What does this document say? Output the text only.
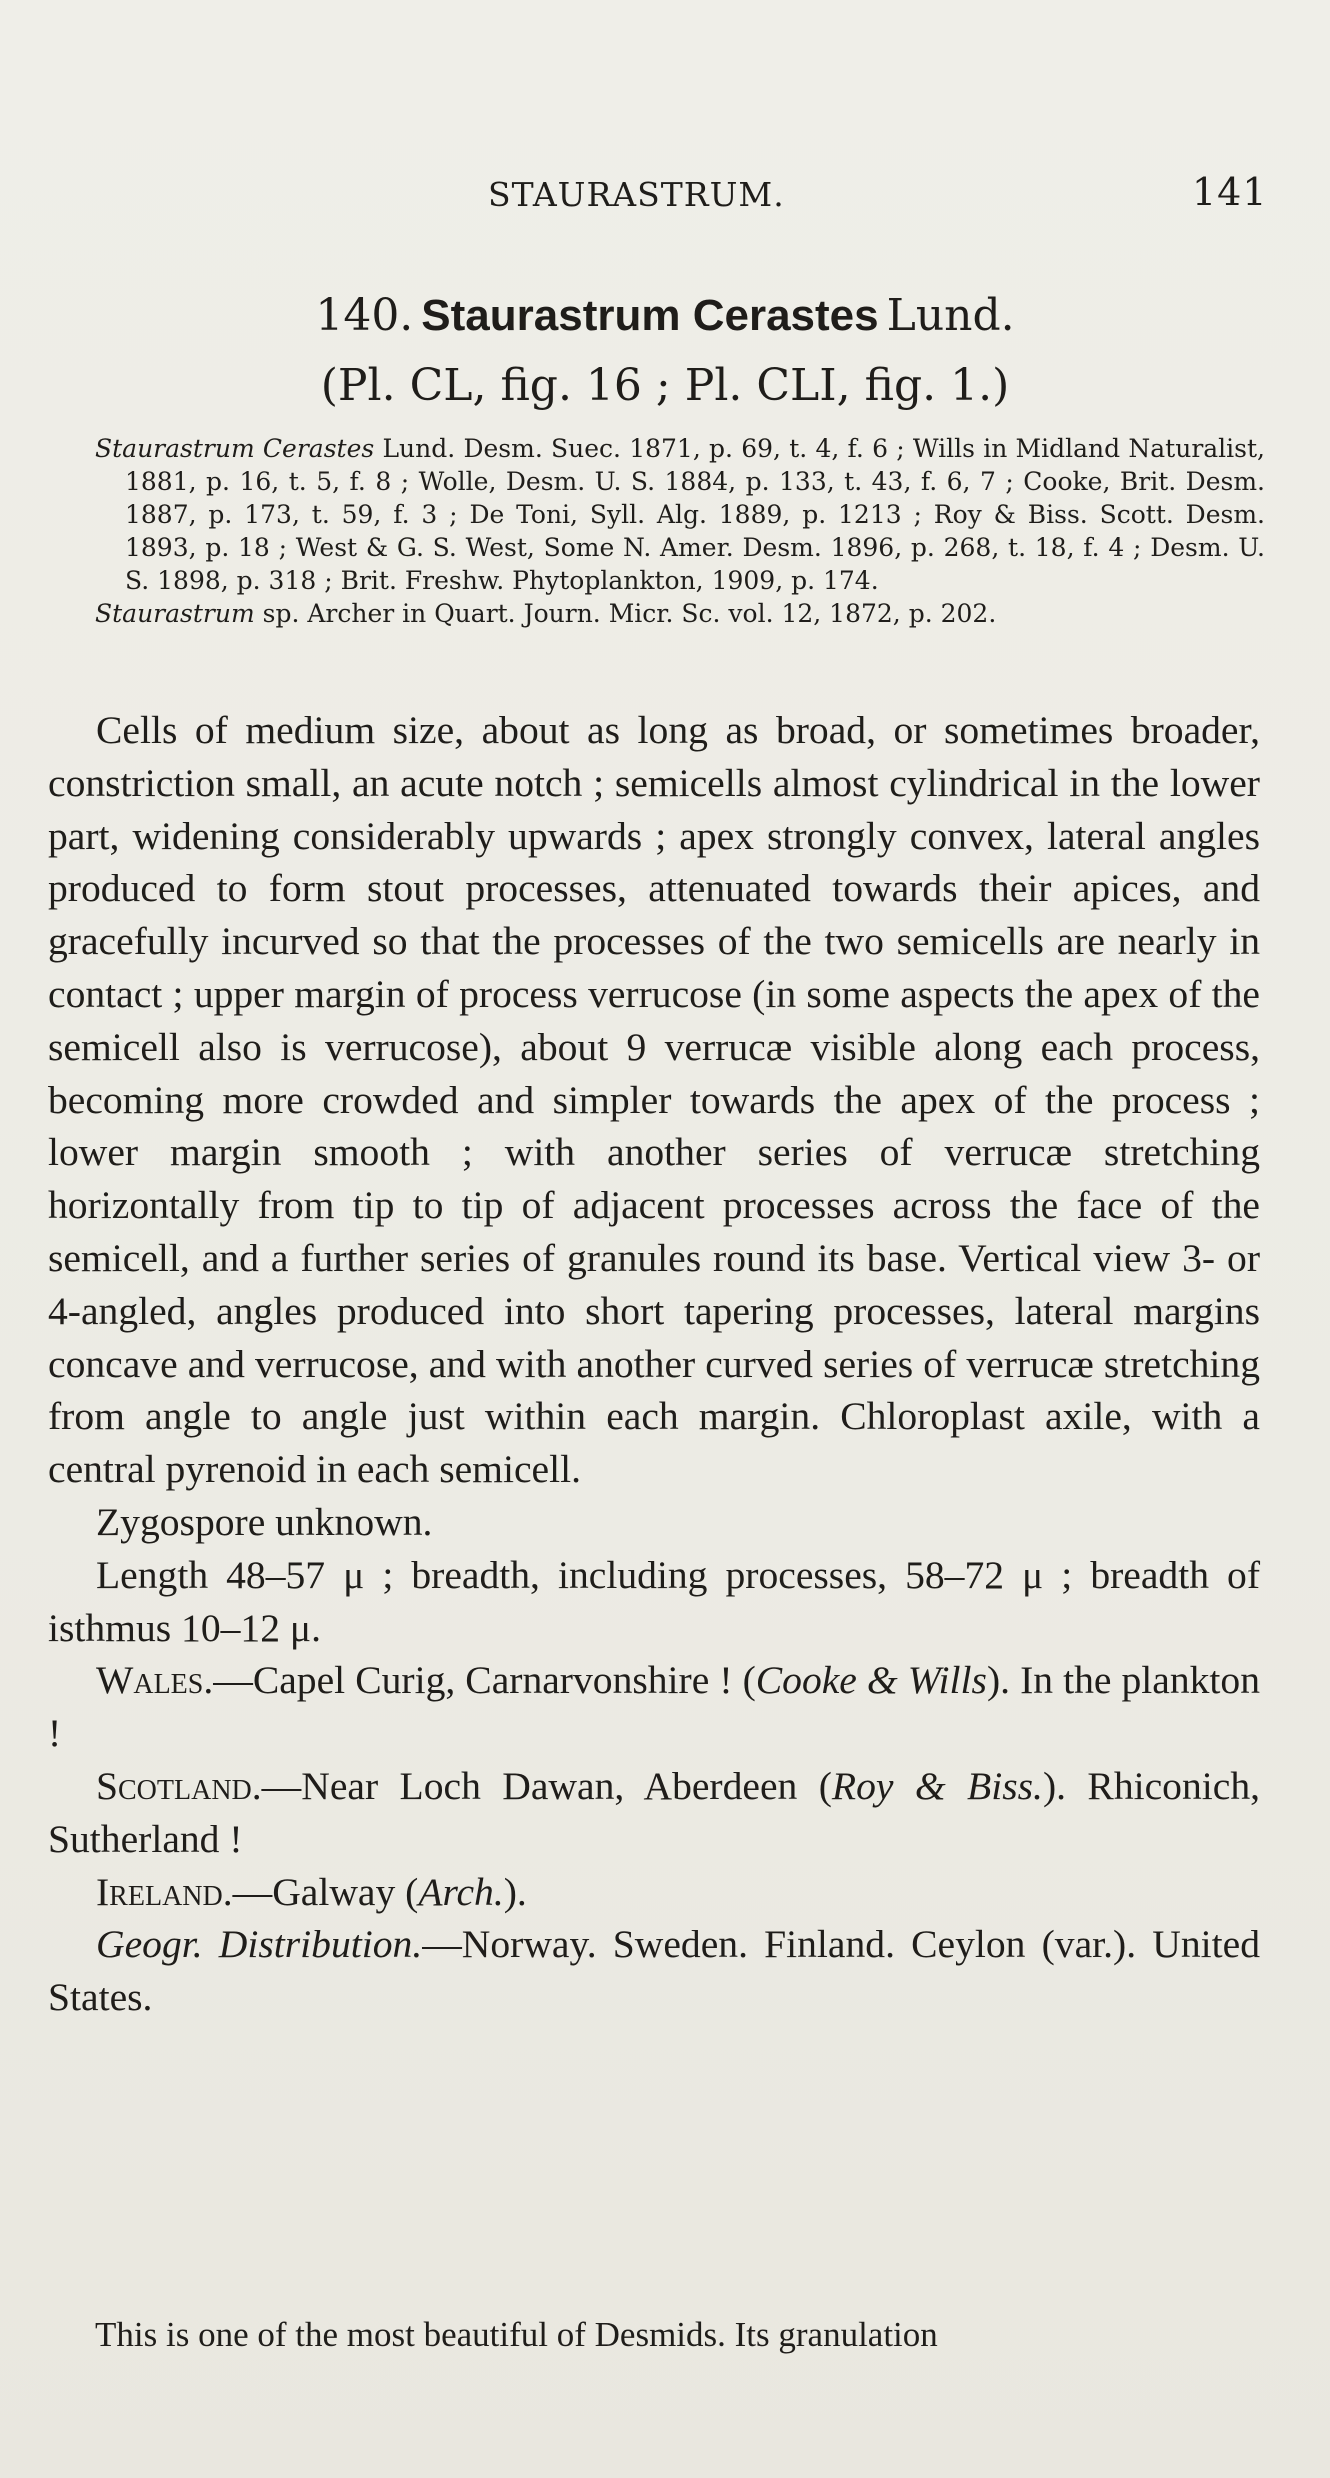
STAURASTRUM.	141
140. Staurastrum Cerastes Lund.
(Pl. CL, fig. 16 ; Pl. CLI, fig. 1.)

Staurastrum Cerastes Lund. Desm. Suec. 1871, p. 69, t. 4, f. 6 ; Wills in Midland Naturalist, 1881, p. 16, t. 5, f. 8 ; Wolle, Desm. U. S. 1884, p. 133, t. 43, f. 6, 7 ; Cooke, Brit. Desm. 1887, p. 173, t. 59, f. 3 ; De Toni, Syll. Alg. 1889, p. 1213 ; Roy & Biss. Scott. Desm. 1893, p. 18 ; West & G. S. West, Some N. Amer. Desm. 1896, p. 268, t. 18, f. 4 ; Desm. U. S. 1898, p. 318 ; Brit. Freshw. Phytoplankton, 1909, p. 174.

Staurastrum sp. Archer in Quart. Journ. Micr. Sc. vol. 12, 1872, p. 202.

Cells of medium size, about as long as broad, or sometimes broader, constriction small, an acute notch ; semicells almost cylindrical in the lower part, widening considerably upwards ; apex strongly convex, lateral angles produced to form stout processes, attenuated towards their apices, and gracefully incurved so that the processes of the two semicells are nearly in contact ; upper margin of process verrucose (in some aspects the apex of the semicell also is verrucose), about 9 verrucæ visible along each process, becoming more crowded and simpler towards the apex of the process ; lower margin smooth ; with another series of verrucæ stretching horizontally from tip to tip of adjacent processes across the face of the semicell, and a further series of granules round its base. Vertical view 3- or 4-angled, angles produced into short tapering processes, lateral margins concave and verrucose, and with another curved series of verrucæ stretching from angle to angle just within each margin. Chloroplast axile, with a central pyrenoid in each semicell.

Zygospore unknown.

Length 48–57 μ ; breadth, including processes, 58–72 μ ; breadth of isthmus 10–12 μ.

Wales.—Capel Curig, Carnarvonshire ! (Cooke & Wills). In the plankton !

Scotland.—Near Loch Dawan, Aberdeen (Roy & Biss.). Rhiconich, Sutherland !

Ireland.—Galway (Arch.).

Geogr. Distribution.—Norway. Sweden. Finland. Ceylon (var.). United States.

This is one of the most beautiful of Desmids. Its granulation
